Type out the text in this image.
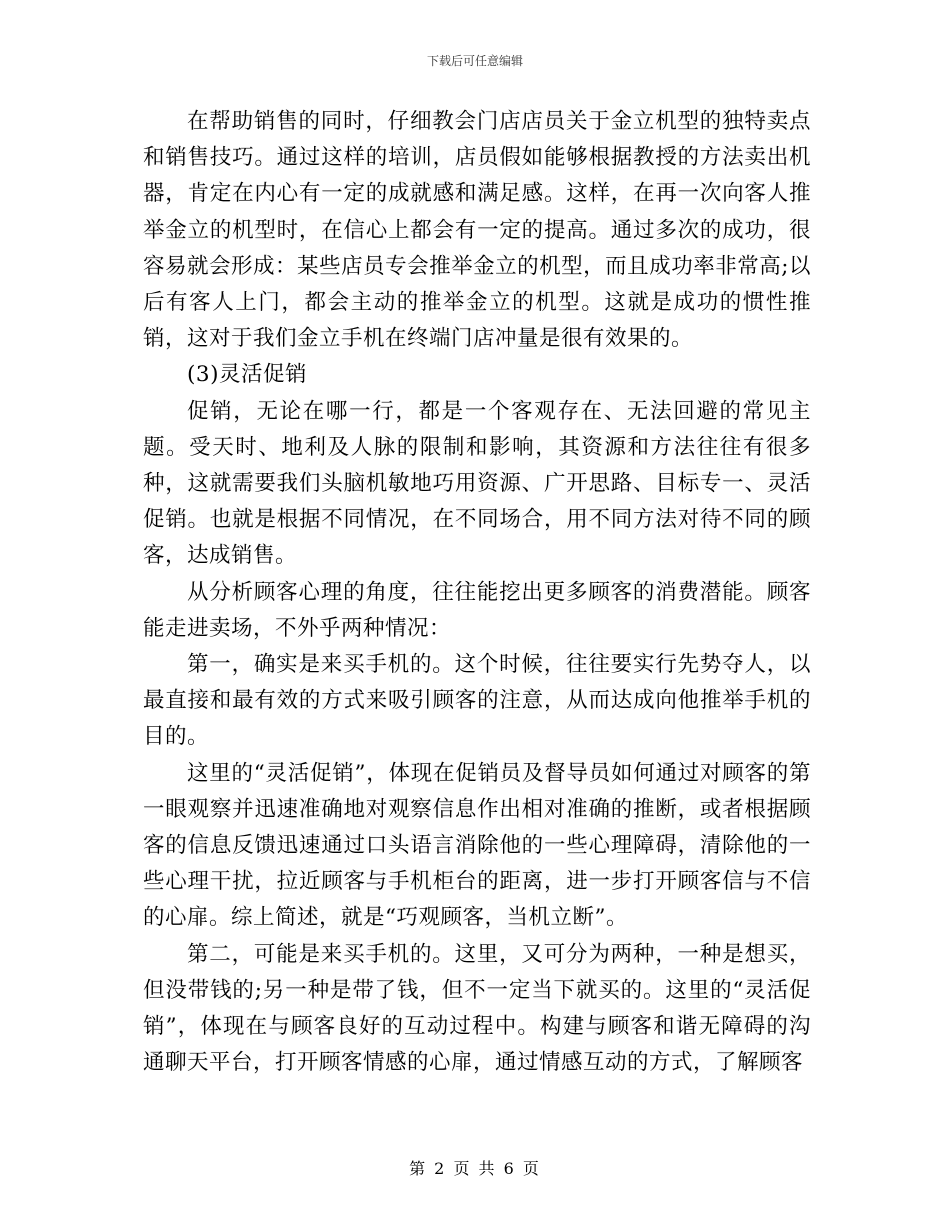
下载后可任意编辑

在帮助销售的同时，仔细教会门店店员关于金立机型的独特卖点和销售技巧。通过这样的培训，店员假如能够根据教授的方法卖出机器，肯定在内心有一定的成就感和满足感。这样，在再一次向客人推举金立的机型时，在信心上都会有一定的提高。通过多次的成功，很容易就会形成：某些店员专会推举金立的机型，而且成功率非常高;以后有客人上门，都会主动的推举金立的机型。这就是成功的惯性推销，这对于我们金立手机在终端门店冲量是很有效果的。

(3)灵活促销

促销，无论在哪一行，都是一个客观存在、无法回避的常见主题。受天时、地利及人脉的限制和影响，其资源和方法往往有很多种，这就需要我们头脑机敏地巧用资源、广开思路、目标专一、灵活促销。也就是根据不同情况，在不同场合，用不同方法对待不同的顾客，达成销售。

从分析顾客心理的角度，往往能挖出更多顾客的消费潜能。顾客能走进卖场，不外乎两种情况：

第一，确实是来买手机的。这个时候，往往要实行先势夺人，以最直接和最有效的方式来吸引顾客的注意，从而达成向他推举手机的目的。

这里的“灵活促销”，体现在促销员及督导员如何通过对顾客的第一眼观察并迅速准确地对观察信息作出相对准确的推断，或者根据顾客的信息反馈迅速通过口头语言消除他的一些心理障碍，清除他的一些心理干扰，拉近顾客与手机柜台的距离，进一步打开顾客信与不信的心扉。综上简述，就是“巧观顾客，当机立断”。

第二，可能是来买手机的。这里，又可分为两种，一种是想买，但没带钱的;另一种是带了钱，但不一定当下就买的。这里的“灵活促销”，体现在与顾客良好的互动过程中。构建与顾客和谐无障碍的沟通聊天平台，打开顾客情感的心扉，通过情感互动的方式，了解顾客

第 2 页 共 6 页
